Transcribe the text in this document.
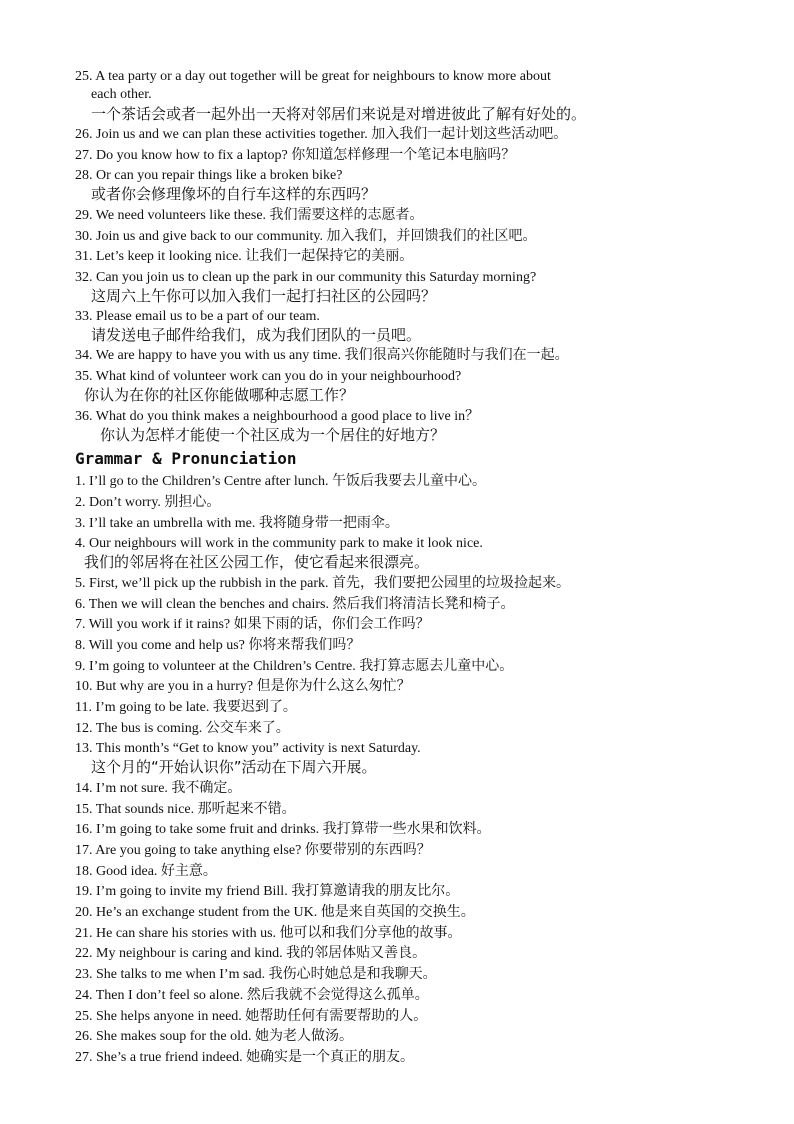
25. A tea party or a day out together will be great for neighbours to know more about
each other.
一个茶话会或者一起外出一天将对邻居们来说是对增进彼此了解有好处的。
26. Join us and we can plan these activities together. 加入我们一起计划这些活动吧。
27. Do you know how to fix a laptop? 你知道怎样修理一个笔记本电脑吗？
28. Or can you repair things like a broken bike?
或者你会修理像坏的自行车这样的东西吗？
29. We need volunteers like these. 我们需要这样的志愿者。
30. Join us and give back to our community. 加入我们，并回馈我们的社区吧。
31. Let’s keep it looking nice. 让我们一起保持它的美丽。
32. Can you join us to clean up the park in our community this Saturday morning?
这周六上午你可以加入我们一起打扫社区的公园吗？
33. Please email us to be a part of our team.
请发送电子邮件给我们，成为我们团队的一员吧。
34. We are happy to have you with us any time. 我们很高兴你能随时与我们在一起。
35. What kind of volunteer work can you do in your neighbourhood?
你认为在你的社区你能做哪种志愿工作？
36. What do you think makes a neighbourhood a good place to live in？
你认为怎样才能使一个社区成为一个居住的好地方？
Grammar & Pronunciation
1. I’ll go to the Children’s Centre after lunch. 午饭后我要去儿童中心。
2. Don’t worry. 别担心。
3. I’ll take an umbrella with me. 我将随身带一把雨伞。
4. Our neighbours will work in the community park to make it look nice.
我们的邻居将在社区公园工作，使它看起来很漂亮。
5. First, we’ll pick up the rubbish in the park. 首先，我们要把公园里的垃圾捡起来。
6. Then we will clean the benches and chairs. 然后我们将清洁长凳和椅子。
7. Will you work if it rains? 如果下雨的话，你们会工作吗？
8. Will you come and help us? 你将来帮我们吗？
9. I’m going to volunteer at the Children’s Centre. 我打算志愿去儿童中心。
10. But why are you in a hurry? 但是你为什么这么匆忙？
11. I’m going to be late. 我要迟到了。
12. The bus is coming. 公交车来了。
13. This month’s “Get to know you” activity is next Saturday.
这个月的“开始认识你”活动在下周六开展。
14. I’m not sure. 我不确定。
15. That sounds nice. 那听起来不错。
16. I’m going to take some fruit and drinks. 我打算带一些水果和饮料。
17. Are you going to take anything else? 你要带别的东西吗？
18. Good idea. 好主意。
19. I’m going to invite my friend Bill. 我打算邀请我的朋友比尔。
20. He’s an exchange student from the UK. 他是来自英国的交换生。
21. He can share his stories with us. 他可以和我们分享他的故事。
22. My neighbour is caring and kind. 我的邻居体贴又善良。
23. She talks to me when I’m sad. 我伤心时她总是和我聊天。
24. Then I don’t feel so alone. 然后我就不会觉得这么孤单。
25. She helps anyone in need. 她帮助任何有需要帮助的人。
26. She makes soup for the old. 她为老人做汤。
27. She’s a true friend indeed. 她确实是一个真正的朋友。
